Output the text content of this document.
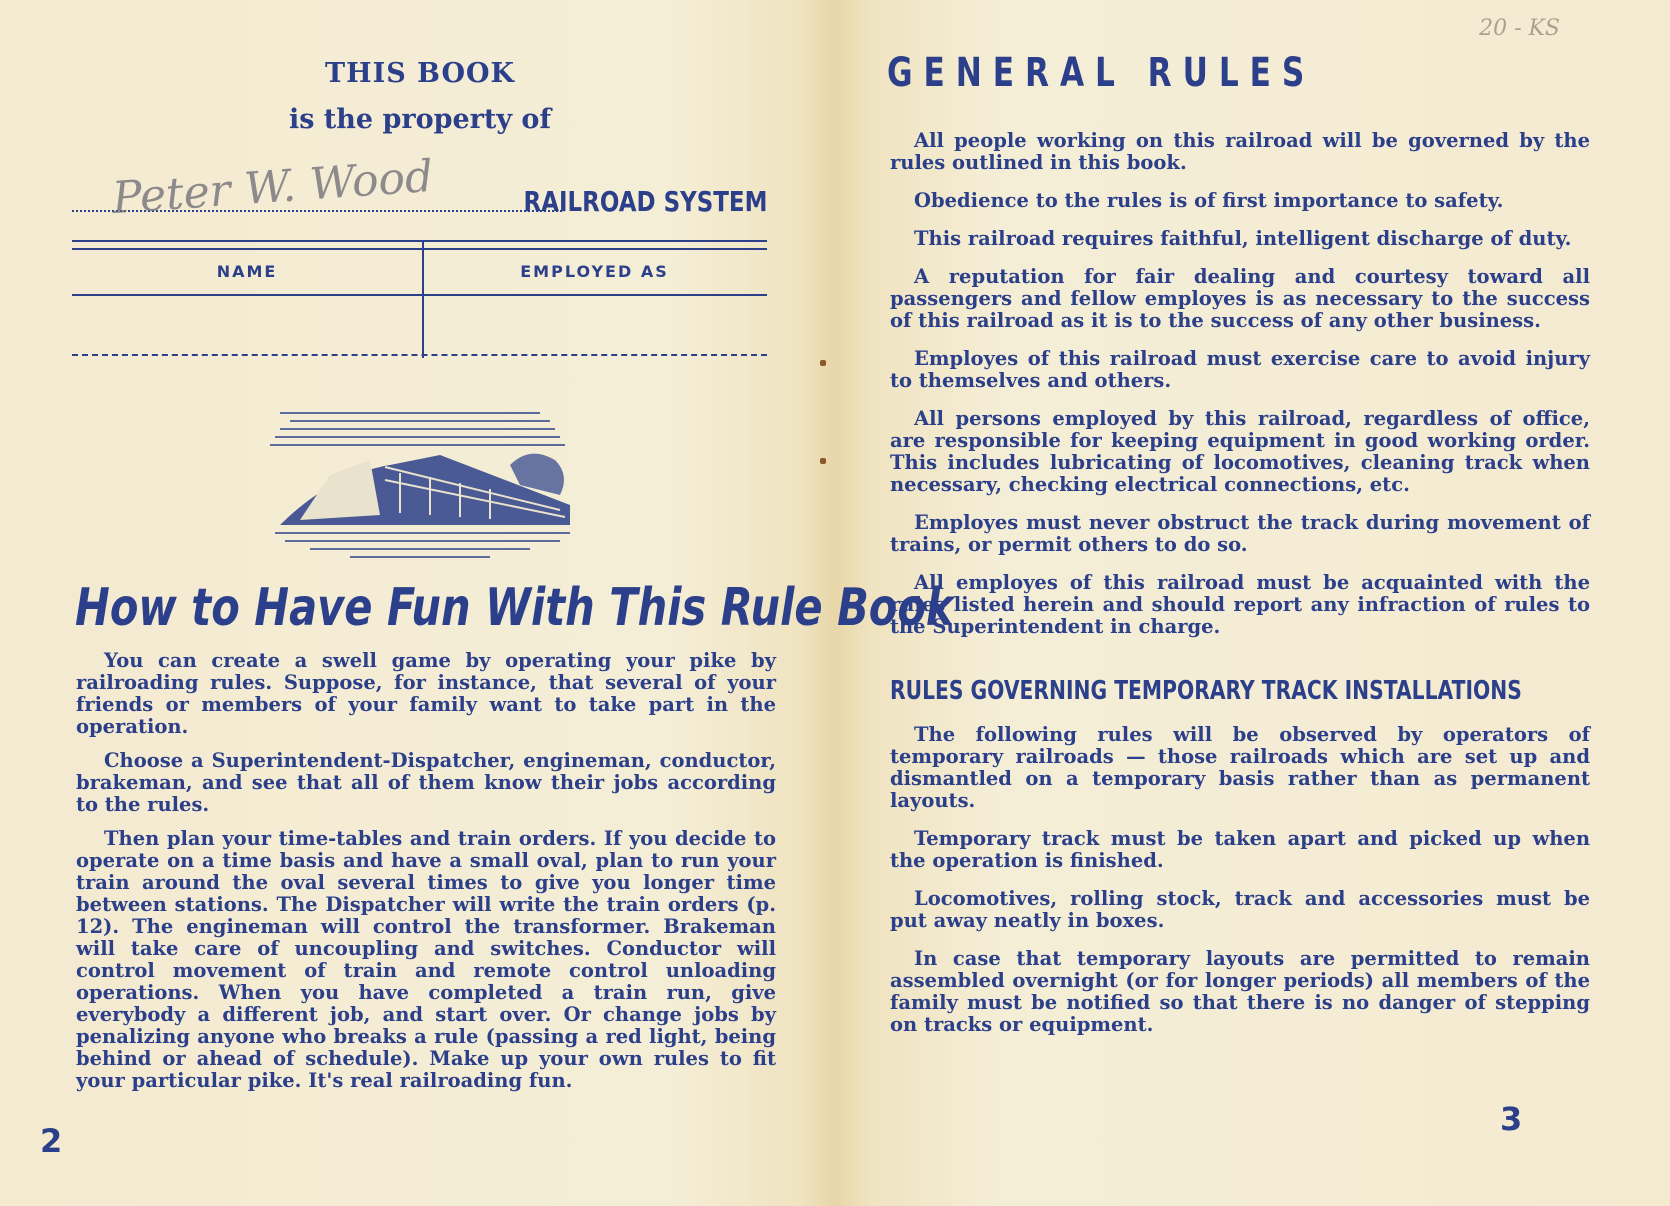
THIS BOOK
is the property of
Peter W. Wood	RAILROAD SYSTEM
NAME	EMPLOYED AS
How to Have Fun With This Rule Book

You can create a swell game by operating your pike by railroading rules. Suppose, for instance, that several of your friends or members of your family want to take part in the operation.

Choose a Superintendent-Dispatcher, engineman, conductor, brakeman, and see that all of them know their jobs according to the rules.

Then plan your time-tables and train orders. If you decide to operate on a time basis and have a small oval, plan to run your train around the oval several times to give you longer time between stations. The Dispatcher will write the train orders (p. 12). The engineman will control the transformer. Brakeman will take care of uncoupling and switches. Conductor will control movement of train and remote control unloading operations. When you have completed a train run, give everybody a different job, and start over. Or change jobs by penalizing anyone who breaks a rule (passing a red light, being behind or ahead of schedule). Make up your own rules to fit your particular pike. It's real railroading fun.

2
20 - KS
GENERAL RULES

All people working on this railroad will be governed by the rules outlined in this book.

Obedience to the rules is of first importance to safety.

This railroad requires faithful, intelligent discharge of duty.

A reputation for fair dealing and courtesy toward all passengers and fellow employes is as necessary to the success of this railroad as it is to the success of any other business.

Employes of this railroad must exercise care to avoid injury to themselves and others.

All persons employed by this railroad, regardless of office, are responsible for keeping equipment in good working order. This includes lubricating of locomotives, cleaning track when necessary, checking electrical connections, etc.

Employes must never obstruct the track during movement of trains, or permit others to do so.

All employes of this railroad must be acquainted with the rules listed herein and should report any infraction of rules to the Superintendent in charge.

RULES GOVERNING TEMPORARY TRACK INSTALLATIONS

The following rules will be observed by operators of temporary railroads — those railroads which are set up and dismantled on a temporary basis rather than as permanent layouts.

Temporary track must be taken apart and picked up when the operation is finished.

Locomotives, rolling stock, track and accessories must be put away neatly in boxes.

In case that temporary layouts are permitted to remain assembled overnight (or for longer periods) all members of the family must be notified so that there is no danger of stepping on tracks or equipment.

3
